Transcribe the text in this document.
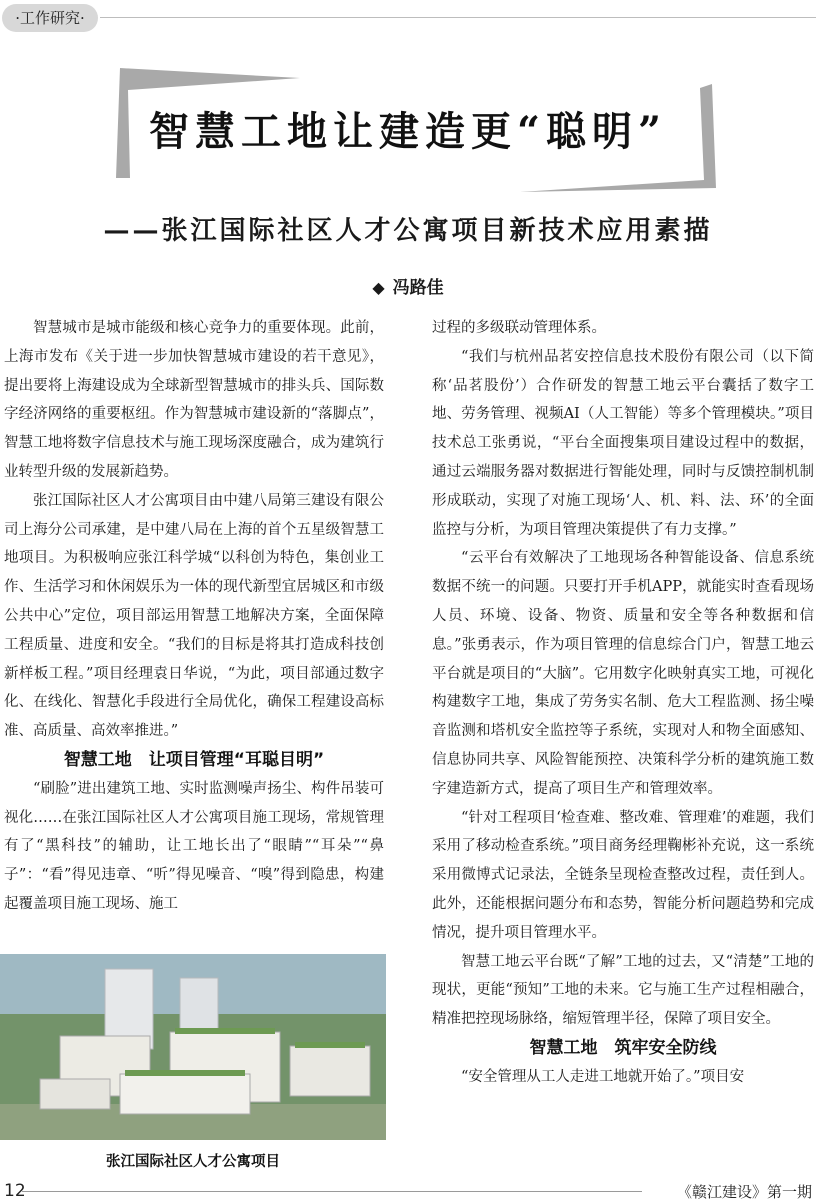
·工作研究·
智慧工地让建造更“聪明”
——张江国际社区人才公寓项目新技术应用素描
◆ 冯路佳

智慧城市是城市能级和核心竞争力的重要体现。此前，上海市发布《关于进一步加快智慧城市建设的若干意见》，提出要将上海建设成为全球新型智慧城市的排头兵、国际数字经济网络的重要枢纽。作为智慧城市建设新的“落脚点”，智慧工地将数字信息技术与施工现场深度融合，成为建筑行业转型升级的发展新趋势。

张江国际社区人才公寓项目由中建八局第三建设有限公司上海分公司承建，是中建八局在上海的首个五星级智慧工地项目。为积极响应张江科学城“以科创为特色，集创业工作、生活学习和休闲娱乐为一体的现代新型宜居城区和市级公共中心”定位，项目部运用智慧工地解决方案，全面保障工程质量、进度和安全。“我们的目标是将其打造成科技创新样板工程。”项目经理袁日华说，“为此，项目部通过数字化、在线化、智慧化手段进行全局优化，确保工程建设高标准、高质量、高效率推进。”

智慧工地　让项目管理“耳聪目明”

“刷脸”进出建筑工地、实时监测噪声扬尘、构件吊装可视化……在张江国际社区人才公寓项目施工现场，常规管理有了“黑科技”的辅助，让工地长出了“眼睛”“耳朵”“鼻子”：“看”得见违章、“听”得见噪音、“嗅”得到隐患，构建起覆盖项目施工现场、施工

张江国际社区人才公寓项目

过程的多级联动管理体系。

“我们与杭州品茗安控信息技术股份有限公司（以下简称‘品茗股份’）合作研发的智慧工地云平台囊括了数字工地、劳务管理、视频AI（人工智能）等多个管理模块。”项目技术总工张勇说，“平台全面搜集项目建设过程中的数据，通过云端服务器对数据进行智能处理，同时与反馈控制机制形成联动，实现了对施工现场‘人、机、料、法、环’的全面监控与分析，为项目管理决策提供了有力支撑。”

“云平台有效解决了工地现场各种智能设备、信息系统数据不统一的问题。只要打开手机APP，就能实时查看现场人员、环境、设备、物资、质量和安全等各种数据和信息。”张勇表示，作为项目管理的信息综合门户，智慧工地云平台就是项目的“大脑”。它用数字化映射真实工地，可视化构建数字工地，集成了劳务实名制、危大工程监测、扬尘噪音监测和塔机安全监控等子系统，实现对人和物全面感知、信息协同共享、风险智能预控、决策科学分析的建筑施工数字建造新方式，提高了项目生产和管理效率。

“针对工程项目‘检查难、整改难、管理难’的难题，我们采用了移动检查系统。”项目商务经理鞠彬补充说，这一系统采用微博式记录法，全链条呈现检查整改过程，责任到人。此外，还能根据问题分布和态势，智能分析问题趋势和完成情况，提升项目管理水平。

智慧工地云平台既“了解”工地的过去，又“清楚”工地的现状，更能“预知”工地的未来。它与施工生产过程相融合，精准把控现场脉络，缩短管理半径，保障了项目安全。

智慧工地　筑牢安全防线

“安全管理从工人走进工地就开始了。”项目安

12	《赣江建设》第一期
